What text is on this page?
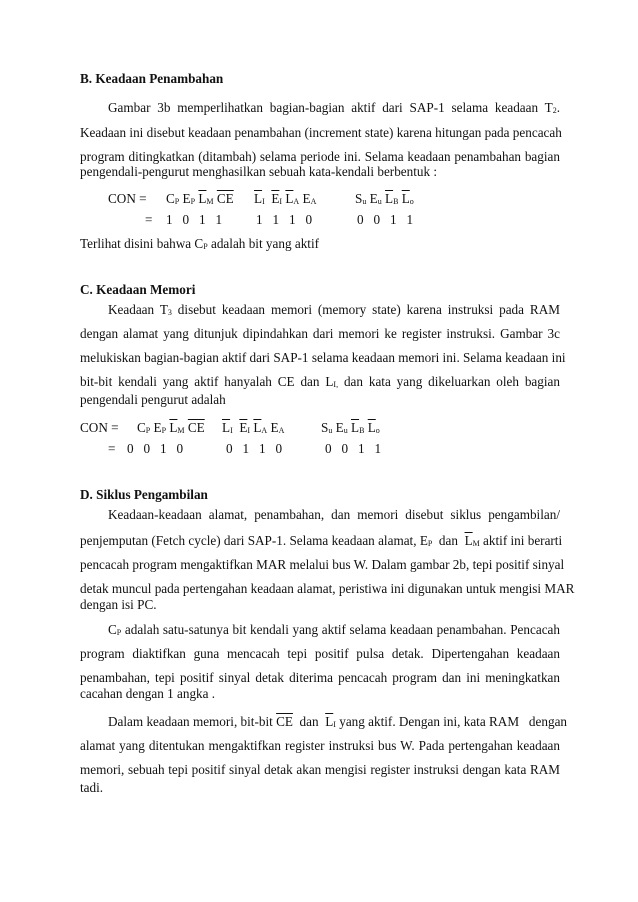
B. Keadaan Penambahan
Gambar 3b memperlihatkan bagian-bagian aktif dari SAP-1 selama keadaan $T_2$.
Keadaan ini disebut keadaan penambahan (increment state) karena hitungan pada pencacah
program ditingkatkan (ditambah) selama periode ini. Selama keadaan penambahan bagian
pengendali-pengurut menghasilkan sebuah kata-kendali berbentuk :
CON = $C_P$ $E_P$ $\overline{L}_M$ $\overline{CE}$ $\overline{L}_I$ $\overline{E}_I$ $\overline{L}_A$ $E_A$	$S_u$ $E_u$ $\overline{L}_B$ $\overline{L}_o$
= 1   0   1   1	1   1   1   0	0   0   1   1
Terlihat disini bahwa $C_P$ adalah bit yang aktif
C. Keadaan Memori
Keadaan $T_3$ disebut keadaan memori (memory state) karena instruksi pada RAM
dengan alamat yang ditunjuk dipindahkan dari memori ke register instruksi. Gambar 3c
melukiskan bagian-bagian aktif dari SAP-1 selama keadaan memori ini. Selama keadaan ini
bit-bit kendali yang aktif hanyalah CE dan $L_{I,}$ dan kata yang dikeluarkan oleh bagian
pengendali pengurut adalah
CON = $C_P$ $E_P$ $\overline{L}_M$ $\overline{CE}$ $\overline{L}_I$ $\overline{E}_I$ $\overline{L}_A$ $E_A$	$S_u$ $E_u$ $\overline{L}_B$ $\overline{L}_o$
= 0   0   1   0	0   1   1   0	0   0   1   1
D. Siklus Pengambilan
Keadaan-keadaan alamat, penambahan, dan memori disebut siklus pengambilan/
penjemputan (Fetch cycle) dari SAP-1. Selama keadaan alamat, $E_P$  dan  $\overline{L}_M$ aktif ini berarti
pencacah program mengaktifkan MAR melalui bus W. Dalam gambar 2b, tepi positif sinyal
detak muncul pada pertengahan keadaan alamat, peristiwa ini digunakan untuk mengisi MAR
dengan isi PC.
$C_P$ adalah satu-satunya bit kendali yang aktif selama keadaan penambahan. Pencacah
program diaktifkan guna mencacah tepi positif pulsa detak. Dipertengahan keadaan
penambahan, tepi positif sinyal detak diterima pencacah program dan ini meningkatkan
cacahan dengan 1 angka .
Dalam keadaan memori, bit-bit $\overline{CE}$  dan  $\overline{L}_I$ yang aktif. Dengan ini, kata RAM   dengan
alamat yang ditentukan mengaktifkan register instruksi bus W. Pada pertengahan keadaan
memori, sebuah tepi positif sinyal detak akan mengisi register instruksi dengan kata RAM
tadi.
